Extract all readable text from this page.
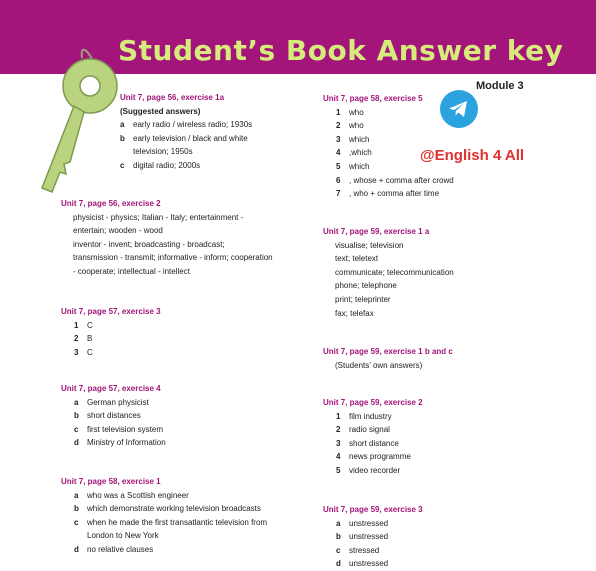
Student’s Book Answer key
Module 3
@English 4 All
Unit 7, page 56, exercise 1a
(Suggested answers)
a early radio / wireless radio; 1930s
b early television / black and white
television; 1950s
c digital radio; 2000s
Unit 7, page 56, exercise 2
physicist - physics; Italian - Italy; entertainment -
entertain; wooden - wood
inventor - invent; broadcasting - broadcast;
transmission - transmit; informative - inform; cooperation
- cooperate; intellectual - intellect
Unit 7, page 57, exercise 3
1 C
2 B
3 C
Unit 7, page 57, exercise 4
a German physicist
b short distances
c first television system
d Ministry of Information
Unit 7, page 58, exercise 1
a who was a Scottish engineer
b which demonstrate working television broadcasts
c when he made the first transatlantic television from
London to New York
d no relative clauses
Unit 7, page 58, exercise 5
1 who
2 who
3 which
4 ,which
5 which
6 , whose + comma after crowd
7 , who + comma after time
Unit 7, page 59, exercise 1 a
visualise; television
text; teletext
communicate; telecommunication
phone; telephone
print; teleprinter
fax; telefax
Unit 7, page 59, exercise 1 b and c
(Students’ own answers)
Unit 7, page 59, exercise 2
1 film industry
2 radio signal
3 short distance
4 news programme
5 video recorder
Unit 7, page 59, exercise 3
a unstressed
b unstressed
c stressed
d unstressed
